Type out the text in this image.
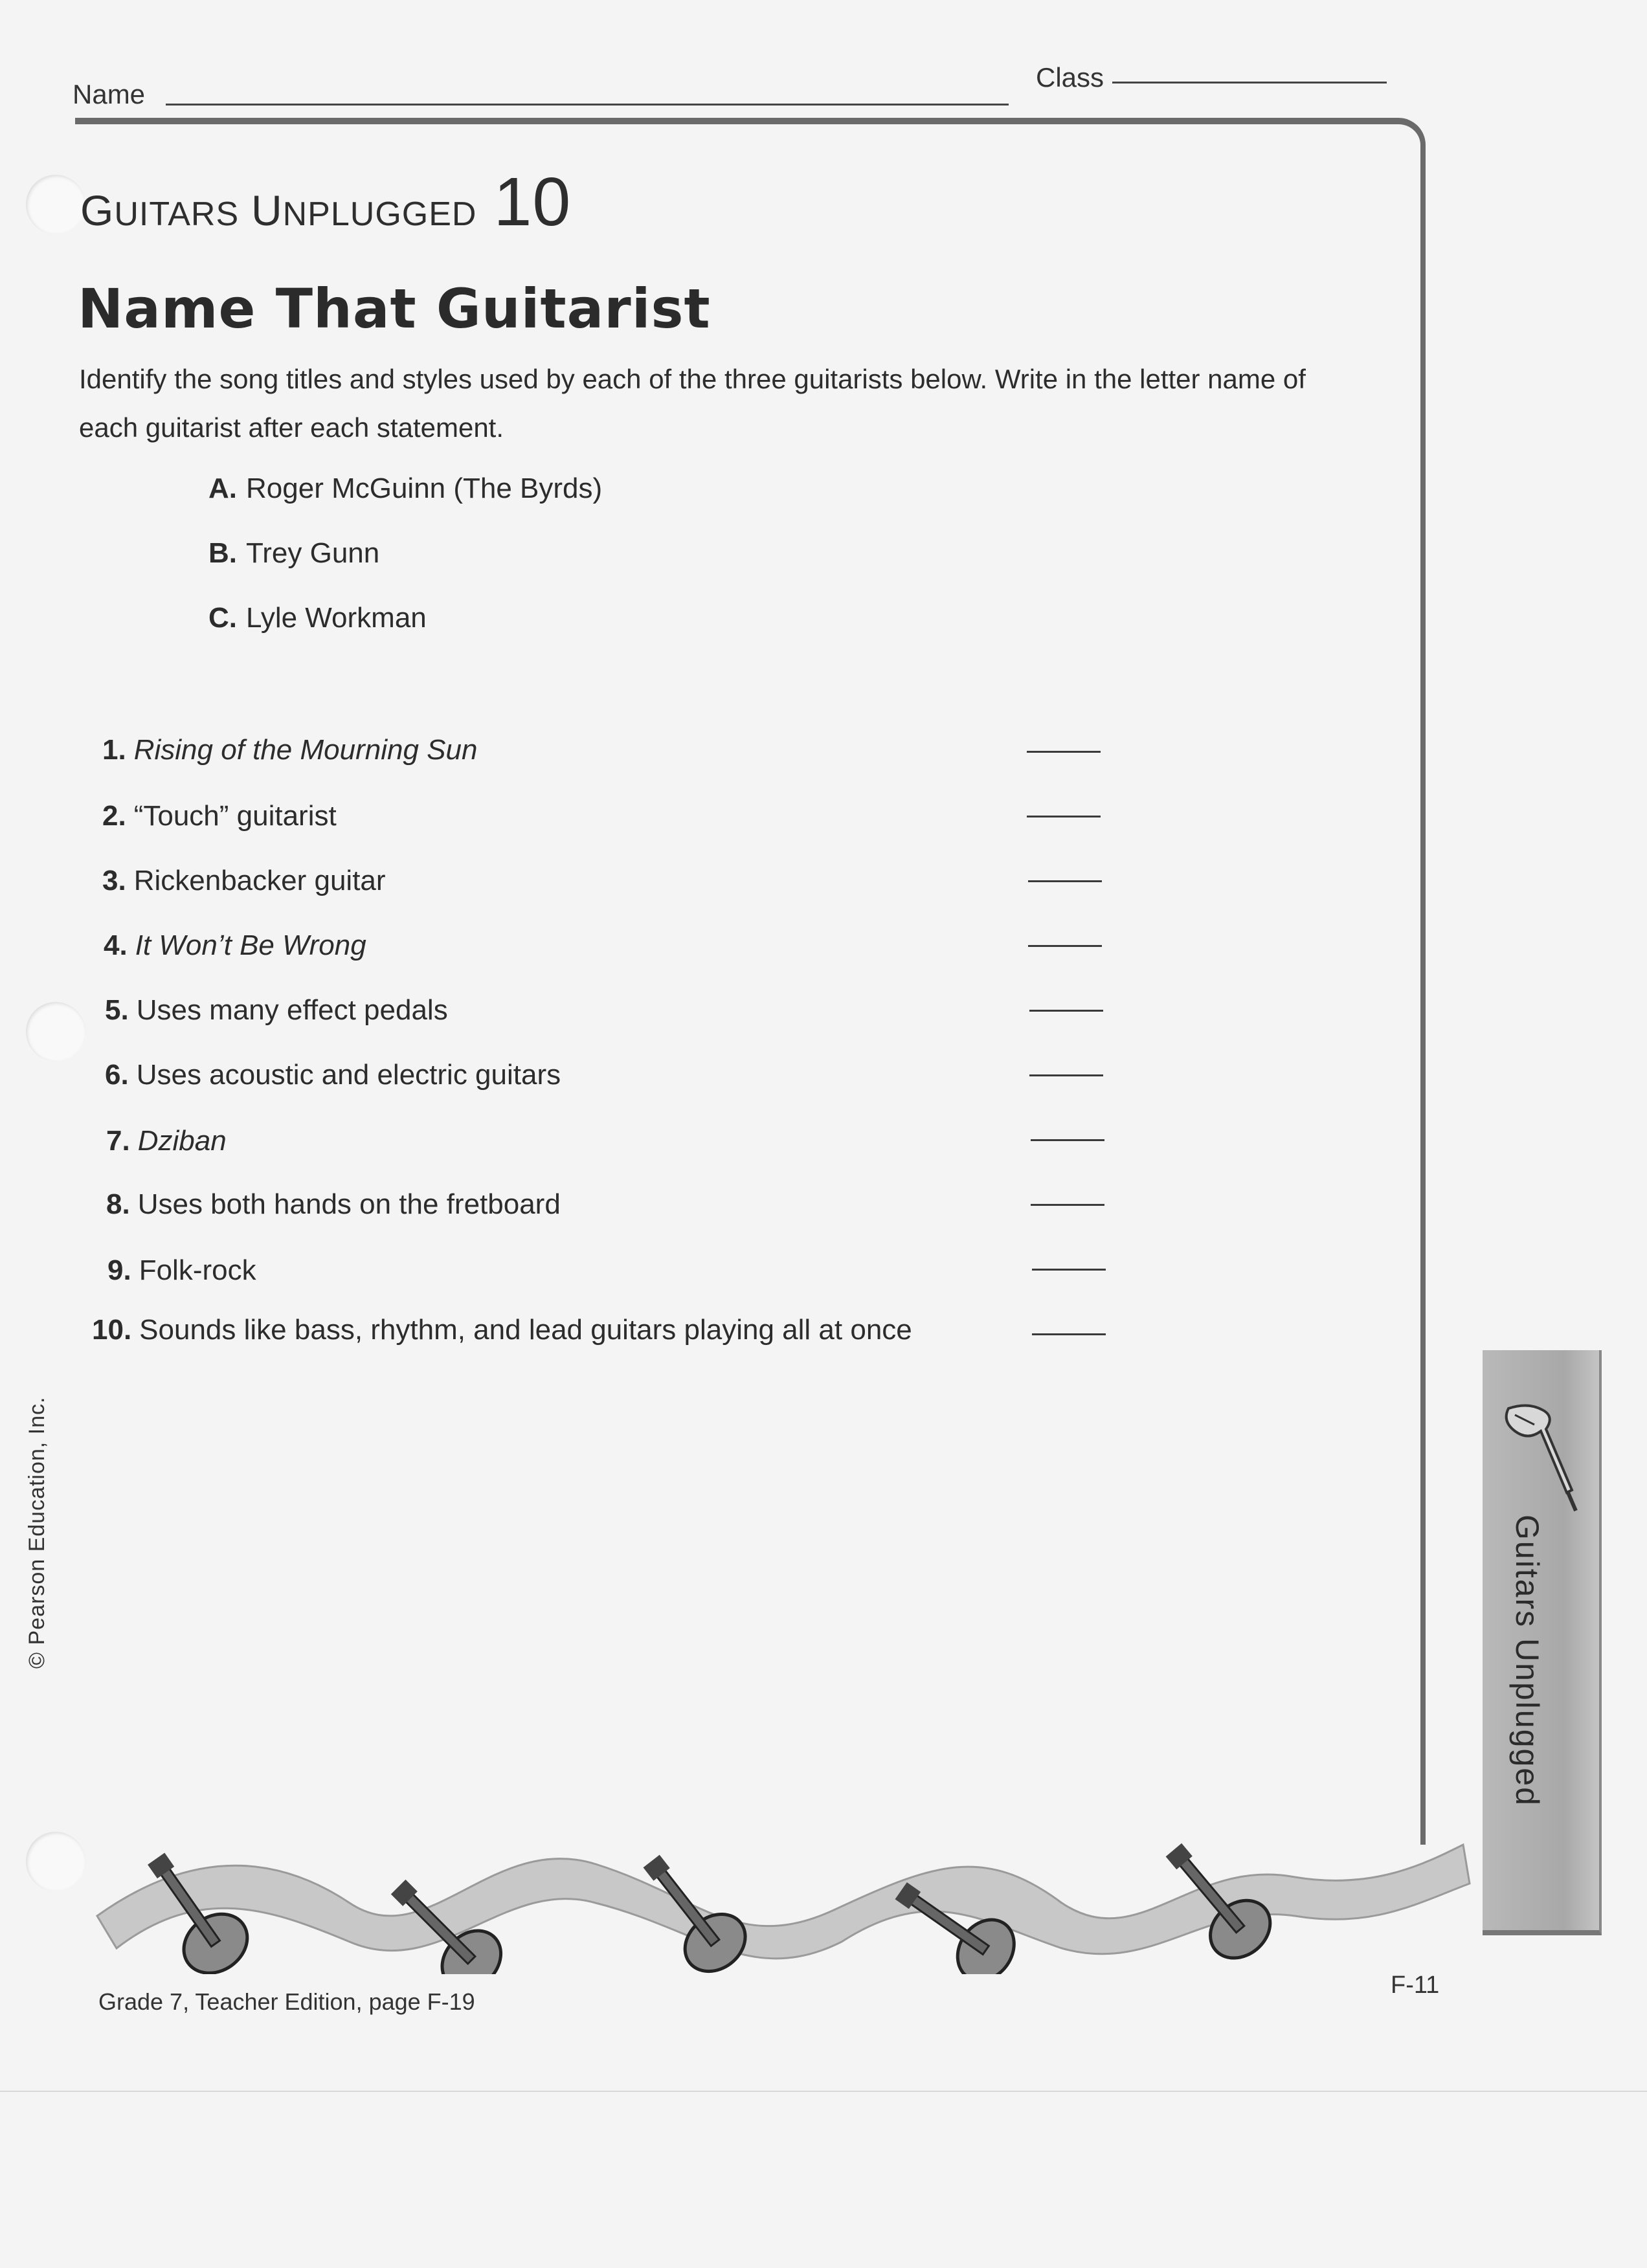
Name
Class
GUITARS UNPLUGGED 10
Name That Guitarist
Identify the song titles and styles used by each of the three guitarists below. Write in the letter name of each guitarist after each statement.
A. Roger McGuinn (The Byrds)
B. Trey Gunn
C. Lyle Workman
1. Rising of the Mourning Sun
2. “Touch” guitarist
3. Rickenbacker guitar
4. It Won’t Be Wrong
5. Uses many effect pedals
6. Uses acoustic and electric guitars
7. Dziban
8. Uses both hands on the fretboard
9. Folk-rock
10. Sounds like bass, rhythm, and lead guitars playing all at once
© Pearson Education, Inc.	Guitars Unplugged
Grade 7, Teacher Edition, page F-19
F-11
